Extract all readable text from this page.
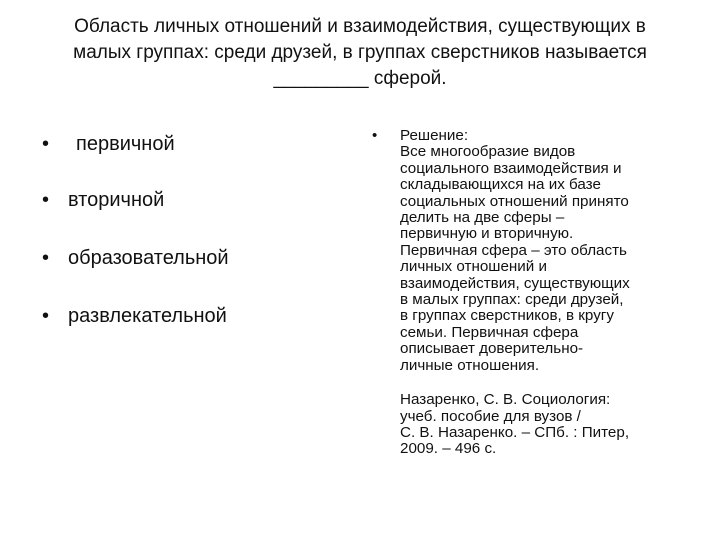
Область личных отношений и взаимодействия, существующих в
малых группах: среди друзей, в группах сверстников называется
_________ сферой.
• первичной
• вторичной
• образовательной
• развлекательной
• Решение:
Все многообразие видов
социального взаимодействия и
складывающихся на их базе
социальных отношений принято
делить на две сферы –
первичную и вторичную.
Первичная сфера – это область
личных отношений и
взаимодействия, существующих
в малых группах: среди друзей,
в группах сверстников, в кругу
семьи. Первичная сфера
описывает доверительно-
личные отношения.
Назаренко, С. В. Социология:
учеб. пособие для вузов /
С. В. Назаренко. – СПб. : Питер,
2009. – 496 с.
